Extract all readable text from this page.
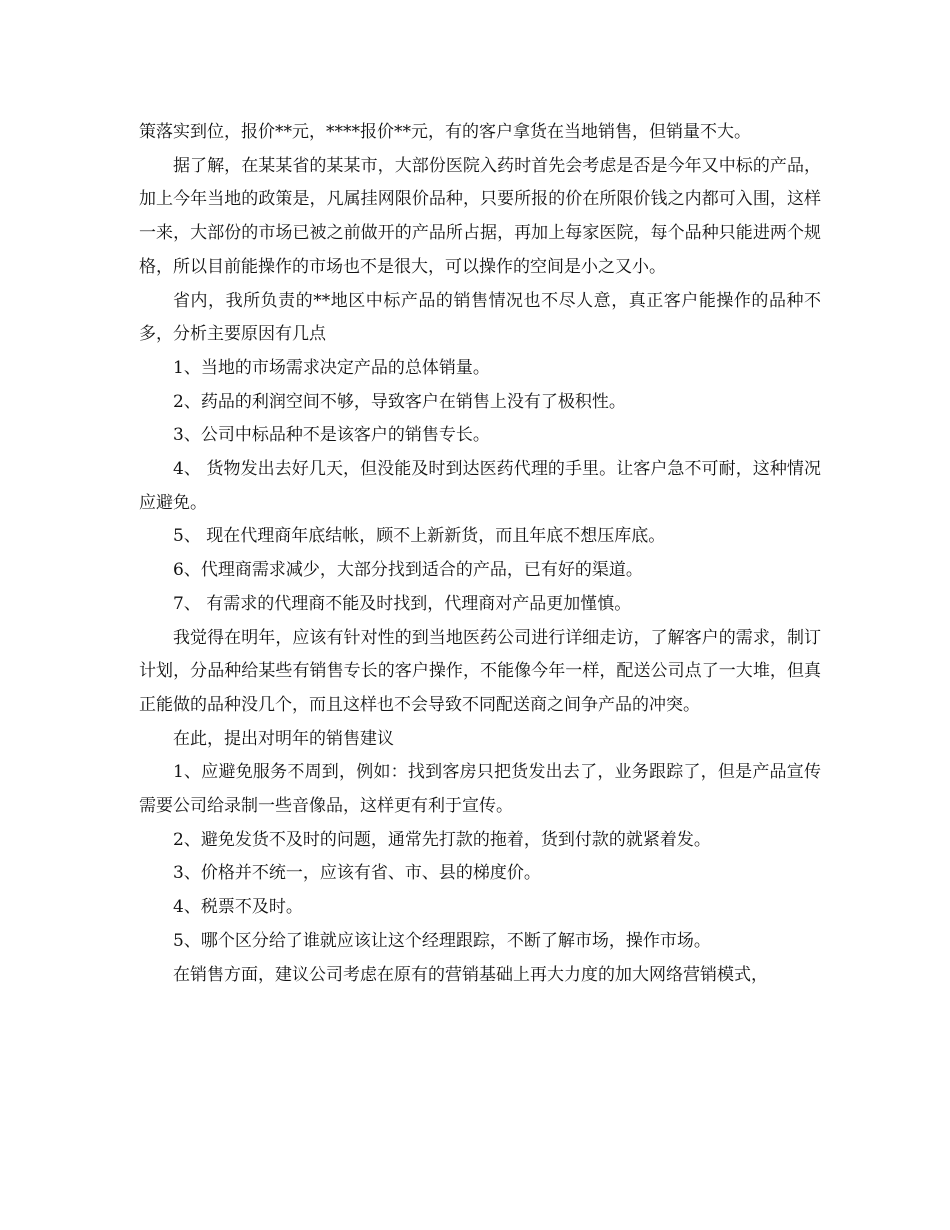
策落实到位，报价**元，****报价**元，有的客户拿货在当地销售，但销量不大。

据了解，在某某省的某某市，大部份医院入药时首先会考虑是否是今年又中标的产品，加上今年当地的政策是，凡属挂网限价品种，只要所报的价在所限价钱之内都可入围，这样一来，大部份的市场已被之前做开的产品所占据，再加上每家医院，每个品种只能进两个规格，所以目前能操作的市场也不是很大，可以操作的空间是小之又小。

省内，我所负责的**地区中标产品的销售情况也不尽人意，真正客户能操作的品种不多，分析主要原因有几点

1、当地的市场需求决定产品的总体销量。

2、药品的利润空间不够，导致客户在销售上没有了极积性。

3、公司中标品种不是该客户的销售专长。

4、 货物发出去好几天，但没能及时到达医药代理的手里。让客户急不可耐，这种情况应避免。

5、 现在代理商年底结帐，顾不上新新货，而且年底不想压库底。

6、代理商需求减少，大部分找到适合的产品，已有好的渠道。

7、 有需求的代理商不能及时找到，代理商对产品更加慬慎。

我觉得在明年，应该有针对性的到当地医药公司进行详细走访，了解客户的需求，制订计划，分品种给某些有销售专长的客户操作，不能像今年一样，配送公司点了一大堆，但真正能做的品种没几个，而且这样也不会导致不同配送商之间争产品的冲突。

在此，提出对明年的销售建议

1、应避免服务不周到，例如：找到客房只把货发出去了，业务跟踪了，但是产品宣传需要公司给录制一些音像品，这样更有利于宣传。

2、避免发货不及时的问题，通常先打款的拖着，货到付款的就紧着发。

3、价格并不统一，应该有省、市、县的梯度价。

4、税票不及时。

5、哪个区分给了谁就应该让这个经理跟踪，不断了解市场，操作市场。

在销售方面，建议公司考虑在原有的营销基础上再大力度的加大网络营销模式，
